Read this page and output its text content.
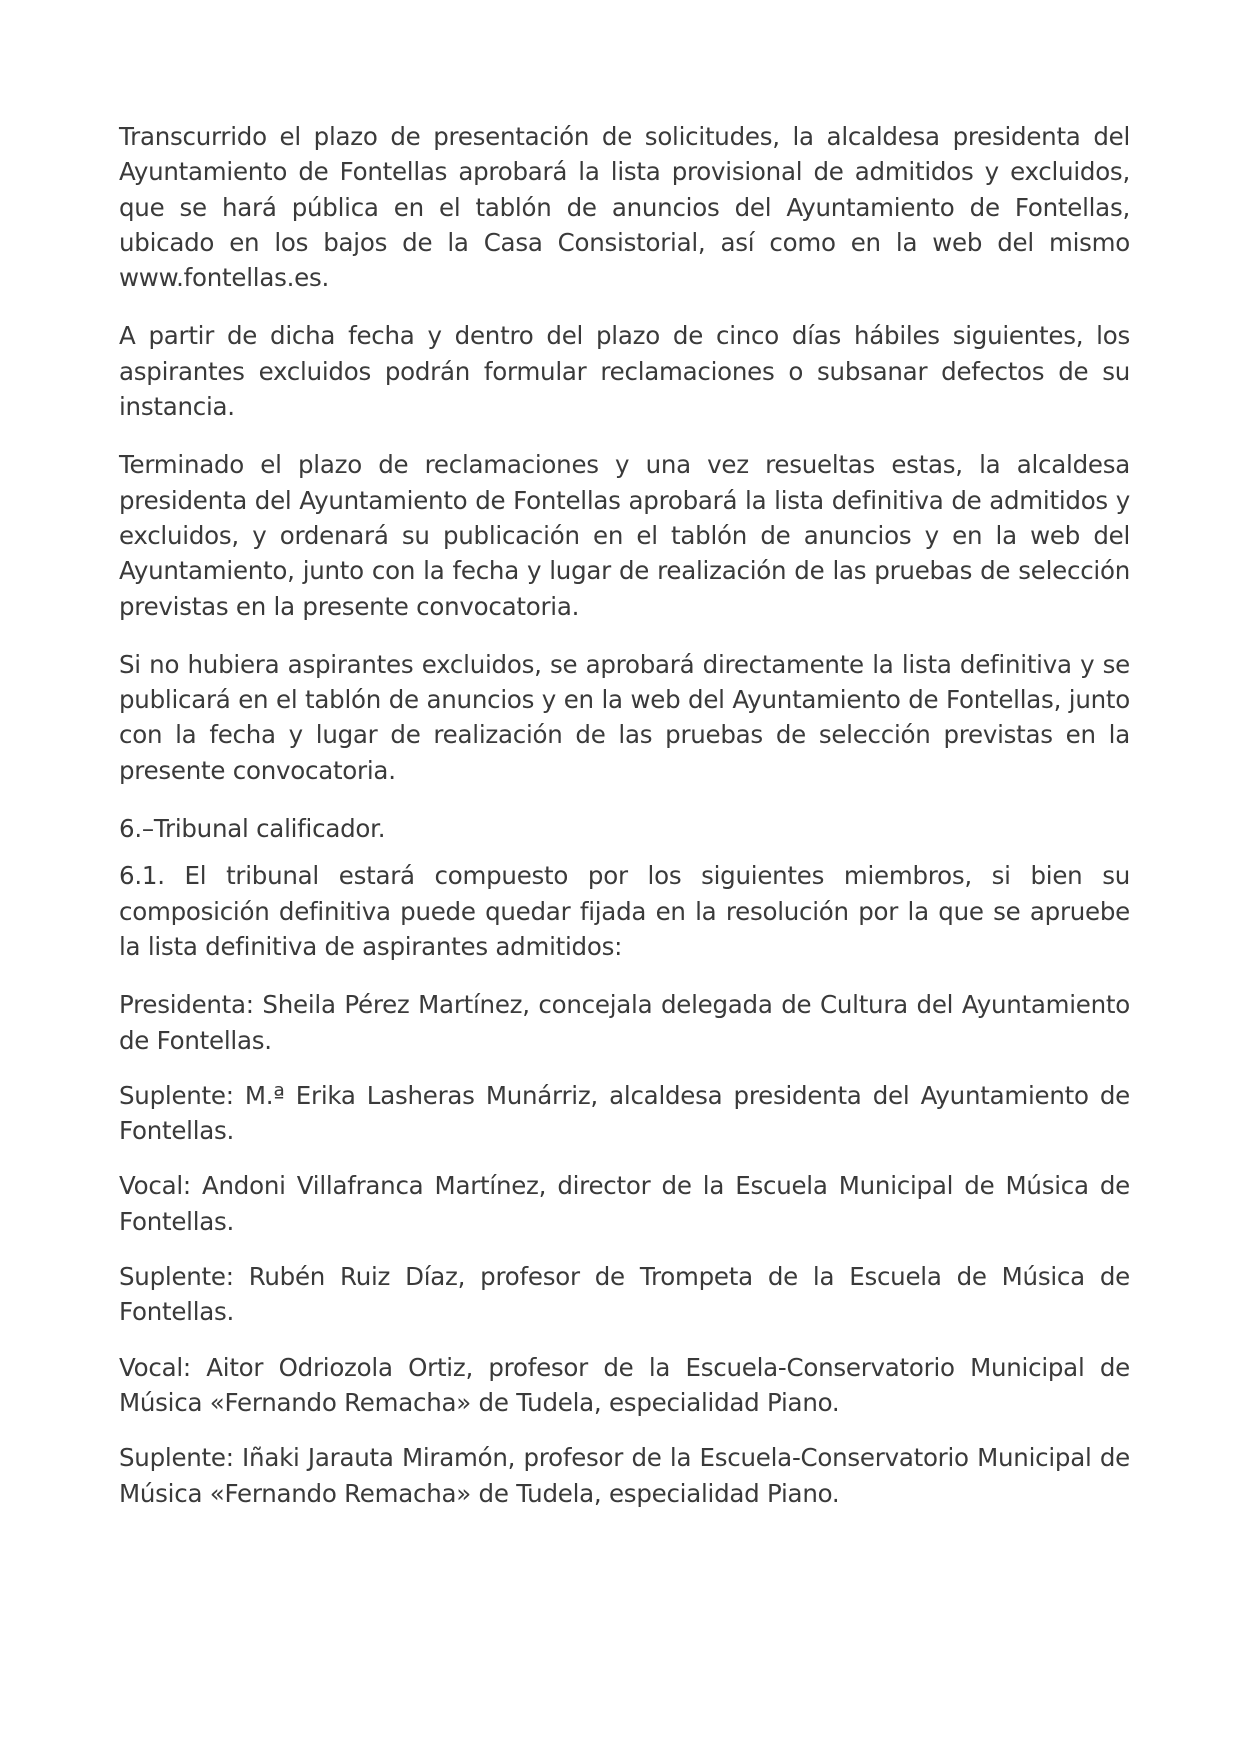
Transcurrido el plazo de presentación de solicitudes, la alcaldesa presidenta del Ayuntamiento de Fontellas aprobará la lista provisional de admitidos y excluidos, que se hará pública en el tablón de anuncios del Ayuntamiento de Fontellas, ubicado en los bajos de la Casa Consistorial, así como en la web del mismo www.fontellas.es.

A partir de dicha fecha y dentro del plazo de cinco días hábiles siguientes, los aspirantes excluidos podrán formular reclamaciones o subsanar defectos de su instancia.

Terminado el plazo de reclamaciones y una vez resueltas estas, la alcaldesa presidenta del Ayuntamiento de Fontellas aprobará la lista definitiva de admitidos y excluidos, y ordenará su publicación en el tablón de anuncios y en la web del Ayuntamiento, junto con la fecha y lugar de realización de las pruebas de selección previstas en la presente convocatoria.

Si no hubiera aspirantes excluidos, se aprobará directamente la lista definitiva y se publicará en el tablón de anuncios y en la web del Ayuntamiento de Fontellas, junto con la fecha y lugar de realización de las pruebas de selección previstas en la presente convocatoria.

6.–Tribunal calificador.

6.1. El tribunal estará compuesto por los siguientes miembros, si bien su composición definitiva puede quedar fijada en la resolución por la que se apruebe la lista definitiva de aspirantes admitidos:

Presidenta: Sheila Pérez Martínez, concejala delegada de Cultura del Ayuntamiento de Fontellas.

Suplente: M.ª Erika Lasheras Munárriz, alcaldesa presidenta del Ayuntamiento de Fontellas.

Vocal: Andoni Villafranca Martínez, director de la Escuela Municipal de Música de Fontellas.

Suplente: Rubén Ruiz Díaz, profesor de Trompeta de la Escuela de Música de Fontellas.

Vocal: Aitor Odriozola Ortiz, profesor de la Escuela-Conservatorio Municipal de Música «Fernando Remacha» de Tudela, especialidad Piano.

Suplente: Iñaki Jarauta Miramón, profesor de la Escuela-Conservatorio Municipal de Música «Fernando Remacha» de Tudela, especialidad Piano.
